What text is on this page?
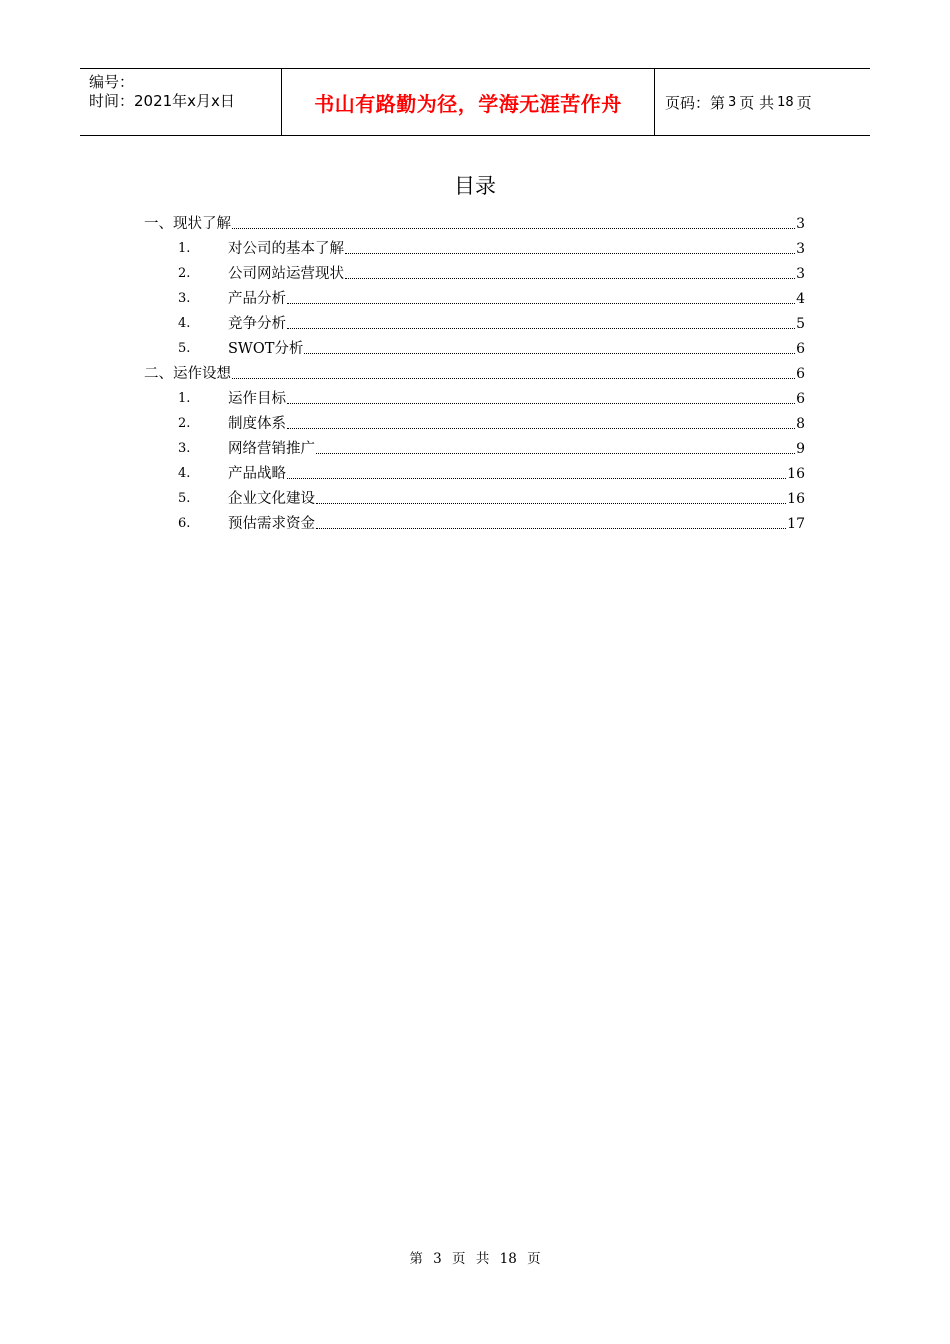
编号：
时间：2021年x月x日	书山有路勤为径，学海无涯苦作舟	页码：第 3 页 共 18 页
目录
一、现状了解	3
1.	对公司的基本了解	3
2.	公司网站运营现状	3
3.	产品分析	4
4.	竞争分析	5
5.	SWOT分析	6
二、运作设想	6
1.	运作目标	6
2.	制度体系	8
3.	网络营销推广	9
4.	产品战略	16
5.	企业文化建设	16
6.	预估需求资金	17
第 3 页 共 18 页
